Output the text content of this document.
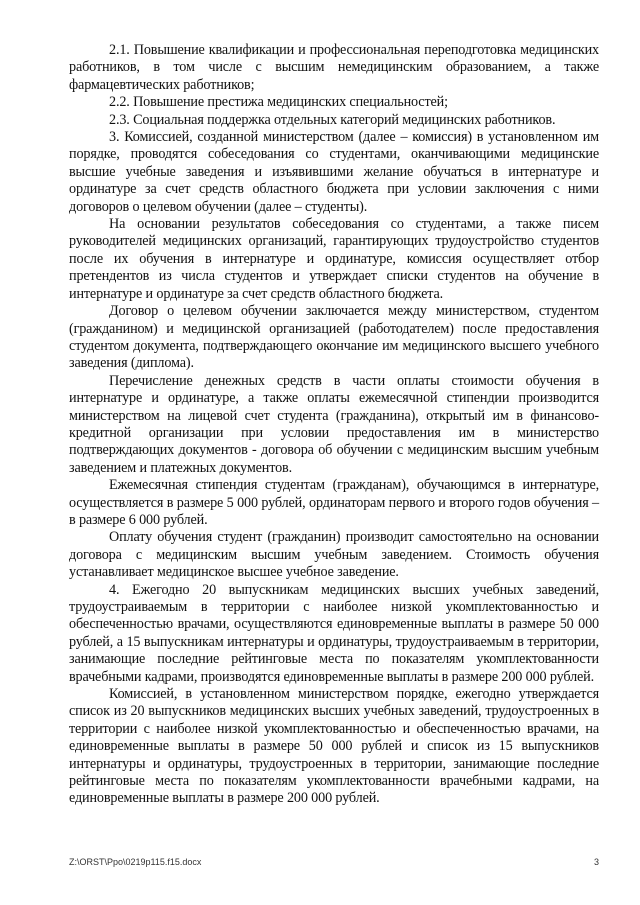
2.1. Повышение квалификации и профессиональная переподготовка медицинских работников, в том числе с высшим немедицинским образованием, а также фармацевтических работников;

2.2. Повышение престижа медицинских специальностей;

2.3. Социальная поддержка отдельных категорий медицинских работников.

3. Комиссией, созданной министерством (далее – комиссия) в установленном им порядке, проводятся собеседования со студентами, оканчивающими медицинские высшие учебные заведения и изъявившими желание обучаться в интернатуре и ординатуре за счет средств областного бюджета при условии заключения с ними договоров о целевом обучении (далее – студенты).

На основании результатов собеседования со студентами, а также писем руководителей медицинских организаций, гарантирующих трудоустройство студентов после их обучения в интернатуре и ординатуре, комиссия осуществляет отбор претендентов из числа студентов и утверждает списки студентов на обучение в интернатуре и ординатуре за счет средств областного бюджета.

Договор о целевом обучении заключается между министерством, студентом (гражданином) и медицинской организацией (работодателем) после предоставления студентом документа, подтверждающего окончание им медицинского высшего учебного заведения (диплома).

Перечисление денежных средств в части оплаты стоимости обучения в интернатуре и ординатуре, а также оплаты ежемесячной стипендии производится министерством на лицевой счет студента (гражданина), открытый им в финансово-кредитной организации при условии предоставления им в министерство подтверждающих документов - договора об обучении с медицинским высшим учебным заведением и платежных документов.

Ежемесячная стипендия студентам (гражданам), обучающимся в интернатуре, осуществляется в размере 5 000 рублей, ординаторам первого и второго годов обучения – в размере 6 000 рублей.

Оплату обучения студент (гражданин) производит самостоятельно на основании договора с медицинским высшим учебным заведением. Стоимость обучения устанавливает медицинское высшее учебное заведение.

4. Ежегодно 20 выпускникам медицинских высших учебных заведений, трудоустраиваемым в территории с наиболее низкой укомплектованностью и обеспеченностью врачами, осуществляются единовременные выплаты в размере 50 000 рублей, а 15 выпускникам интернатуры и ординатуры, трудоустраиваемым в территории, занимающие последние рейтинговые места по показателям укомплектованности врачебными кадрами, производятся единовременные выплаты в размере 200 000 рублей.

Комиссией, в установленном министерством порядке, ежегодно утверждается список из 20 выпускников медицинских высших учебных заведений, трудоустроенных в территории с наиболее низкой укомплектованностью и обеспеченностью врачами, на единовременные выплаты в размере 50 000 рублей и список из 15 выпускников интернатуры и ординатуры, трудоустроенных в территории, занимающие последние рейтинговые места по показателям укомплектованности врачебными кадрами, на единовременные выплаты в размере 200 000 рублей.

Z:\ORST\Ppo\0219p115.f15.docx	3
